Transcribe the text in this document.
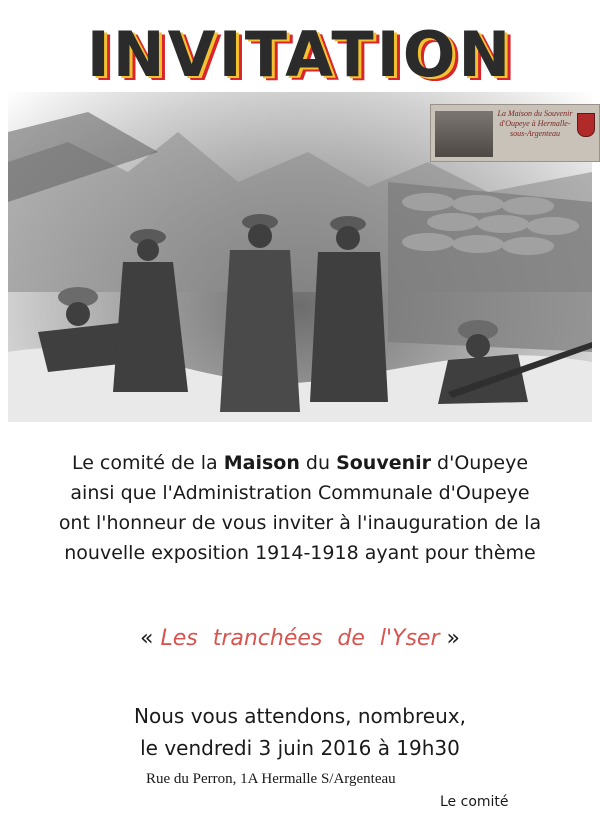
INVITATION
La Maison du Souvenir d'Oupeye à Hermalle-sous-Argenteau
Le comité de la Maison du Souvenir d'Oupeye
ainsi que l'Administration Communale d'Oupeye
ont l'honneur de vous inviter à l'inauguration de la
nouvelle exposition 1914-1918 ayant pour thème
« Les tranchées de l'Yser »
Nous vous attendons, nombreux,
le vendredi 3 juin 2016 à 19h30
Rue du Perron, 1A Hermalle S/Argenteau
Le comité
